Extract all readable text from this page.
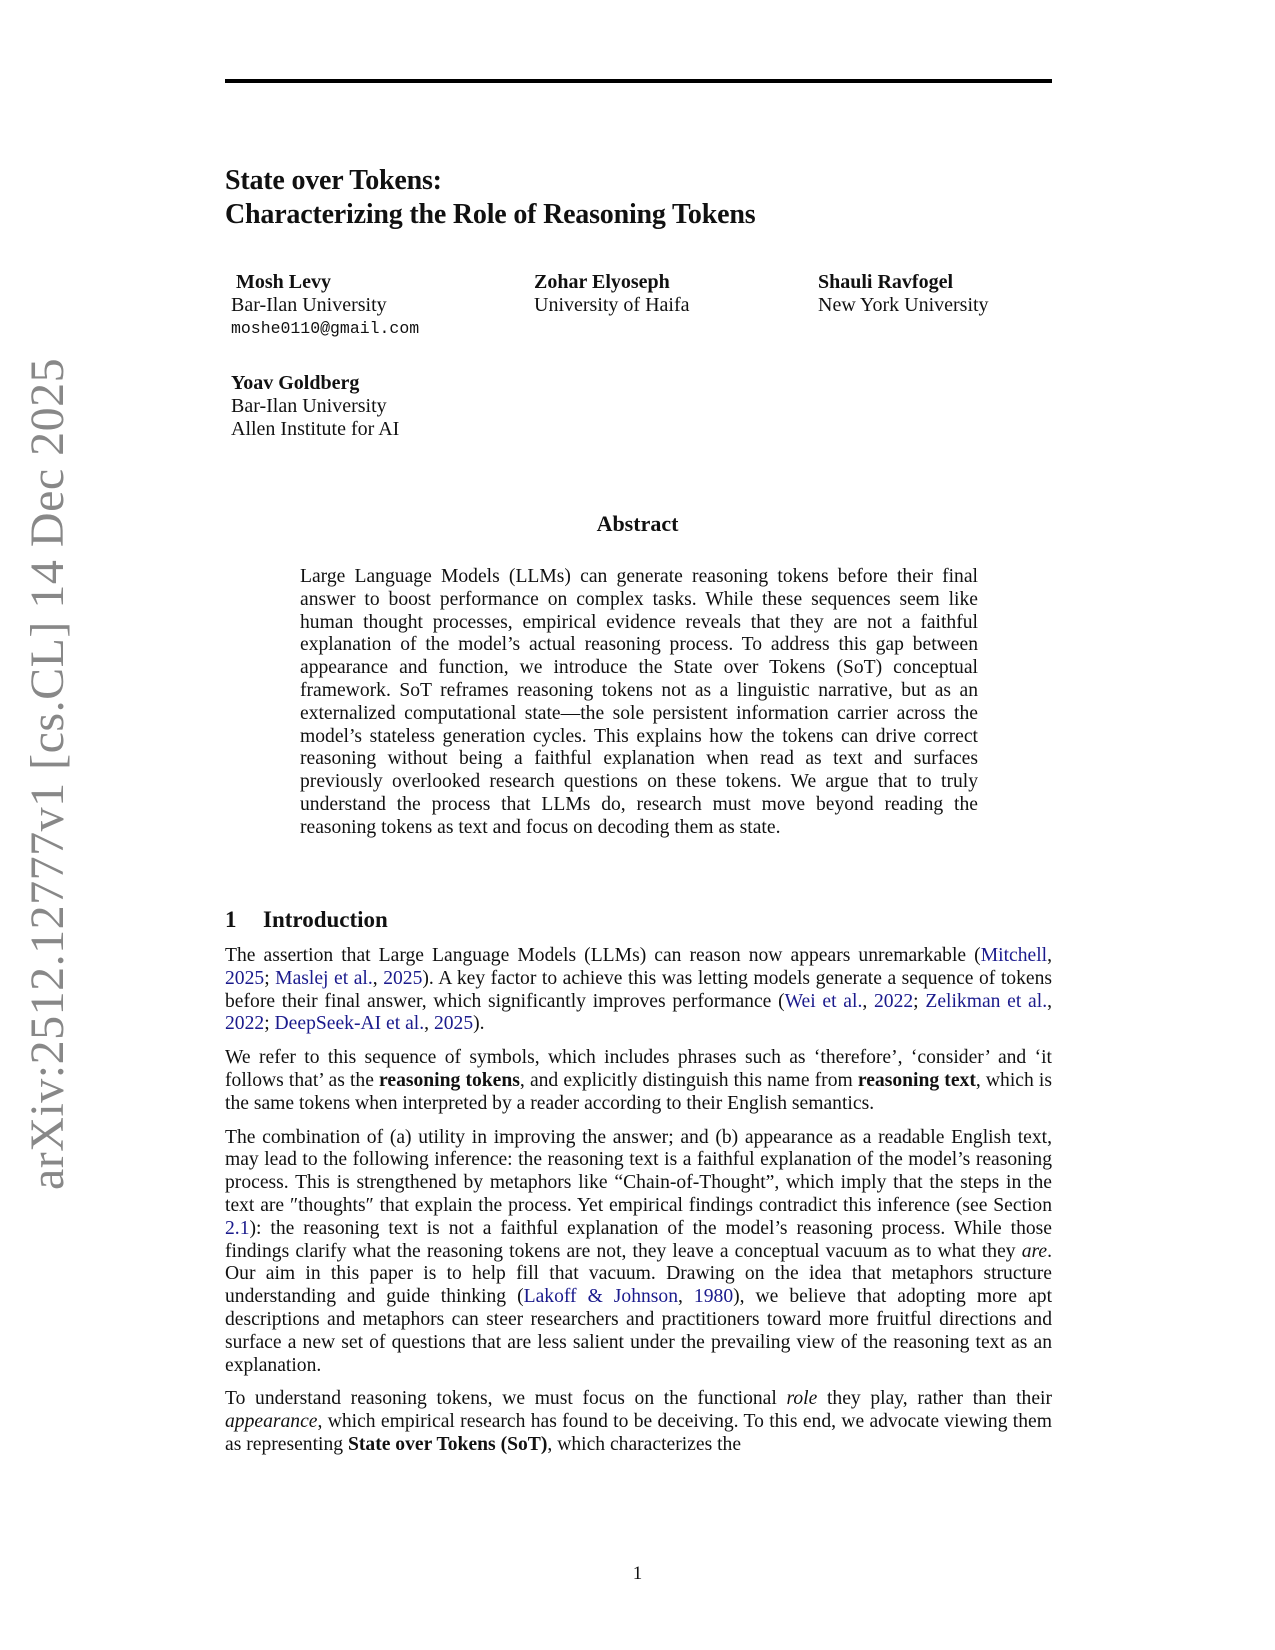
arXiv:2512.12777v1 [cs.CL] 14 Dec 2025
State over Tokens:
Characterizing the Role of Reasoning Tokens
Mosh Levy
Bar-Ilan University
moshe0110@gmail.com
Zohar Elyoseph
University of Haifa
Shauli Ravfogel
New York University
Yoav Goldberg
Bar-Ilan University
Allen Institute for AI
Abstract
Large Language Models (LLMs) can generate reasoning tokens before their final answer to boost performance on complex tasks. While these sequences seem like human thought processes, empirical evidence reveals that they are not a faithful explanation of the model’s actual reasoning process. To address this gap between appearance and function, we introduce the State over Tokens (SoT) conceptual framework. SoT reframes reasoning tokens not as a linguistic narrative, but as an externalized computational state—the sole persistent information carrier across the model’s stateless generation cycles. This explains how the tokens can drive correct reasoning without being a faithful explanation when read as text and surfaces previously overlooked research questions on these tokens. We argue that to truly understand the process that LLMs do, research must move beyond reading the reasoning tokens as text and focus on decoding them as state.
1 Introduction

The assertion that Large Language Models (LLMs) can reason now appears unremarkable (Mitchell, 2025; Maslej et al., 2025). A key factor to achieve this was letting models generate a sequence of tokens before their final answer, which significantly improves performance (Wei et al., 2022; Zelikman et al., 2022; DeepSeek-AI et al., 2025).

We refer to this sequence of symbols, which includes phrases such as ‘therefore’, ‘consider’ and ‘it follows that’ as the reasoning tokens, and explicitly distinguish this name from reasoning text, which is the same tokens when interpreted by a reader according to their English semantics.

The combination of (a) utility in improving the answer; and (b) appearance as a readable English text, may lead to the following inference: the reasoning text is a faithful explanation of the model’s reasoning process. This is strengthened by metaphors like “Chain-of-Thought”, which imply that the steps in the text are ″thoughts″ that explain the process. Yet empirical findings contradict this inference (see Section 2.1): the reasoning text is not a faithful explanation of the model’s reasoning process. While those findings clarify what the reasoning tokens are not, they leave a conceptual vacuum as to what they are. Our aim in this paper is to help fill that vacuum. Drawing on the idea that metaphors structure understanding and guide thinking (Lakoff & Johnson, 1980), we believe that adopting more apt descriptions and metaphors can steer researchers and practitioners toward more fruitful directions and surface a new set of questions that are less salient under the prevailing view of the reasoning text as an explanation.

To understand reasoning tokens, we must focus on the functional role they play, rather than their appearance, which empirical research has found to be deceiving. To this end, we advocate viewing them as representing State over Tokens (SoT), which characterizes the

1
